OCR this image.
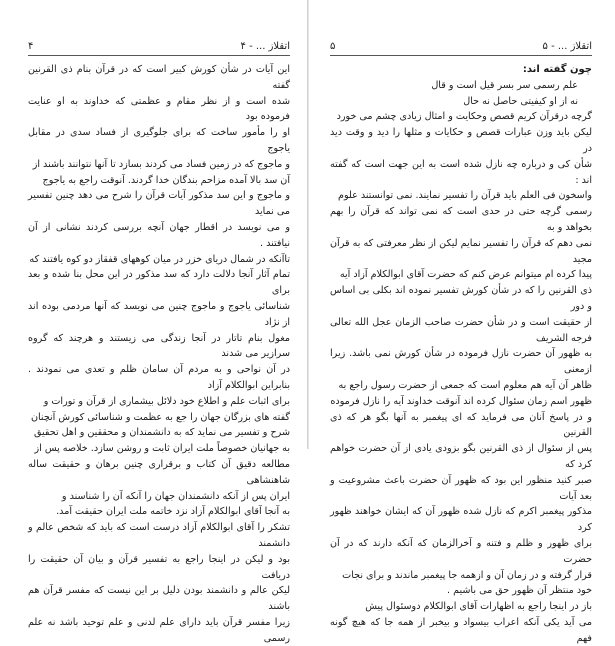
۴	اتقلاز ... - ۴	۵	اتقلاز ... - ۵

این آیات در شأن کورش کبیر است که در قرآن بنام ذی القرنین گفته

شده است و از نظر مقام و عظمتی که خداوند به او عنایت فرموده بود

او را مأمور ساخت که برای جلوگیری از فساد سدی در مقابل یاجوج

و ماجوج که در زمین فساد می کردند بسازد تا آنها نتوانند باشند از

آن سد بالا آمده مزاحم بندگان خدا گردند. آنوقت راجع به یاجوج

و ماجوج و این سد مذکور آیات قرآن را شرح می دهد چنین تفسیر می نماید

و می نویسد در اقطار جهان آنچه بررسی کردند نشانی از آن نیافتند .

تاآنکه در شمال دریای خزر در میان کوههای قفقاز دو کوه یافتند که

تمام آثار آنجا دلالت دارد که سد مذکور در این محل بنا شده و بعد برای

شناسائی یاجوج و ماجوج چنین می نویسد که آنها مردمی بوده اند از نژاد

مغول بنام تاتار در آنجا زندگی می زیستند و هرچند که گروه سرازیر می شدند

در آن نواحی و به مردم آن سامان ظلم و تعدی می نمودند . بنابراین ابوالکلام آزاد

برای اثبات علم و اطلاع خود دلائل بیشماری از قرآن و تورات و

گفته های بزرگان جهان را جع به عظمت و شناسائی کورش آنچنان

شرح و تفسیر می نماید که به دانشمندان و محققین و اهل تحقیق

به جهانیان خصوصاً ملت ایران ثابت و روشن سازد. خلاصه پس از

مطالعه دقیق آن کتاب و برقراری چنین برهان و حقیقت ساله شاهنشاهی

ایران پس از آنکه دانشمندان جهان را آنکه آن را شناسند و

به آنجا آقای ابوالکلام آزاد نزد خاتمه ملت ایران حقیقت آمد.

تشکر را آقای ابوالکلام آزاد درست است که باید که شخص عالم و دانشمند

بود و لیکن در اینجا راجع به تفسیر قرآن و بیان آن حقیقت را دریافت

لیکن عالم و دانشمند بودن دلیل بر این نیست که مفسر قرآن هم باشند

زیرا مفسر قرآن باید دارای علم لدنی و علم توحید باشد نه علم رسمی

چون گفته اند:

علم رسمی سر بسر قیل است و قال

نه از او کیفیتی حاصل نه حال

گرچه درقرآن کریم قصص وحکایت و امثال زیادی چشم می خورد

لیکن باید وزن عبارات قصص و حکایات و مثلها را دید و وقت دید در

شأن کی و درباره چه نازل شده است به این جهت است که گفته اند :

واسخون فی العلم باید قرآن را تفسیر نمایند. نمی توانستند علوم

رسمی گرچه حتی در حدی است که نمی تواند که قرآن را بهم بخواهد و به

نمی دهم که قرآن را تفسیر نمایم لیکن از نظر معرفتی که به قرآن مجید

پیدا کرده ام میتوانم عرض کنم که حضرت آقای ابوالکلام آزاد آیه

ذی القرنین را که در شأن کورش تفسیر نموده اند بکلی بی اساس و دور

از حقیقت است و در شأن حضرت صاحب الزمان عجل الله تعالی فرجه الشریف

به ظهور آن حضرت نازل فرموده در شأن کورش نمی باشد. زیرا ازمعنی

ظاهر آن آیه هم معلوم است که جمعی از حضرت رسول راجع به

ظهور اسم زمان سئوال کرده اند آنوقت خداوند آیه را نازل فرموده

و در پاسخ آنان می فرماید که ای پیغمبر به آنها بگو هر که ذی القرنین

پس از سئوال از ذی القرنین بگو بزودی یادی از آن حضرت خواهم کرد که

صبر کنید منظور این بود که ظهور آن حضرت باعث مشروعیت و بعد آیات

مذکور پیغمبر اکرم که نازل شده ظهور آن که ایشان خواهند ظهور کرد

برای ظهور و ظلم و فتنه و آخرالزمان که آنکه دارند که در آن حضرت

قرار گرفته و در زمان آن و ازهمه جا پیغمبر ماندند و برای نجات

خود منتظر آن ظهور حق می باشیم .

باز در اینجا راجع به اظهارات آقای ابوالکلام دوسئوال پیش

می آید یکی آنکه اعراب بیسواد و بیخبر از همه جا که هیچ گونه فهم
